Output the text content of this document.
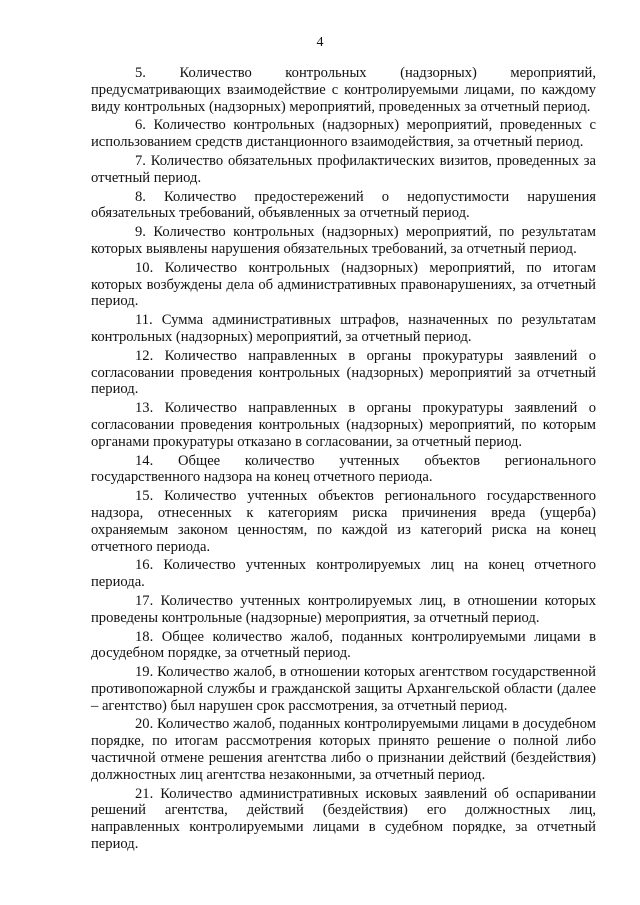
4

5. Количество контрольных (надзорных) мероприятий, предусматривающих взаимодействие с контролируемыми лицами, по каждому виду контрольных (надзорных) мероприятий, проведенных за отчетный период.

6. Количество контрольных (надзорных) мероприятий, проведенных с использованием средств дистанционного взаимодействия, за отчетный период.

7. Количество обязательных профилактических визитов, проведенных за отчетный период.

8. Количество предостережений о недопустимости нарушения обязательных требований, объявленных за отчетный период.

9. Количество контрольных (надзорных) мероприятий, по результатам которых выявлены нарушения обязательных требований, за отчетный период.

10. Количество контрольных (надзорных) мероприятий, по итогам которых возбуждены дела об административных правонарушениях, за отчетный период.

11. Сумма административных штрафов, назначенных по результатам контрольных (надзорных) мероприятий, за отчетный период.

12. Количество направленных в органы прокуратуры заявлений о согласовании проведения контрольных (надзорных) мероприятий за отчетный период.

13. Количество направленных в органы прокуратуры заявлений о согласовании проведения контрольных (надзорных) мероприятий, по которым органами прокуратуры отказано в согласовании, за отчетный период.

14. Общее количество учтенных объектов регионального государственного надзора на конец отчетного периода.

15. Количество учтенных объектов регионального государственного надзора, отнесенных к категориям риска причинения вреда (ущерба) охраняемым законом ценностям, по каждой из категорий риска на конец отчетного периода.

16. Количество учтенных контролируемых лиц на конец отчетного периода.

17. Количество учтенных контролируемых лиц, в отношении которых проведены контрольные (надзорные) мероприятия, за отчетный период.

18. Общее количество жалоб, поданных контролируемыми лицами в досудебном порядке, за отчетный период.

19. Количество жалоб, в отношении которых агентством государственной противопожарной службы и гражданской защиты Архангельской области (далее – агентство) был нарушен срок рассмотрения, за отчетный период.

20. Количество жалоб, поданных контролируемыми лицами в досудебном порядке, по итогам рассмотрения которых принято решение о полной либо частичной отмене решения агентства либо о признании действий (бездействия) должностных лиц агентства незаконными, за отчетный период.

21. Количество административных исковых заявлений об оспаривании решений агентства, действий (бездействия) его должностных лиц, направленных контролируемыми лицами в судебном порядке, за отчетный период.
